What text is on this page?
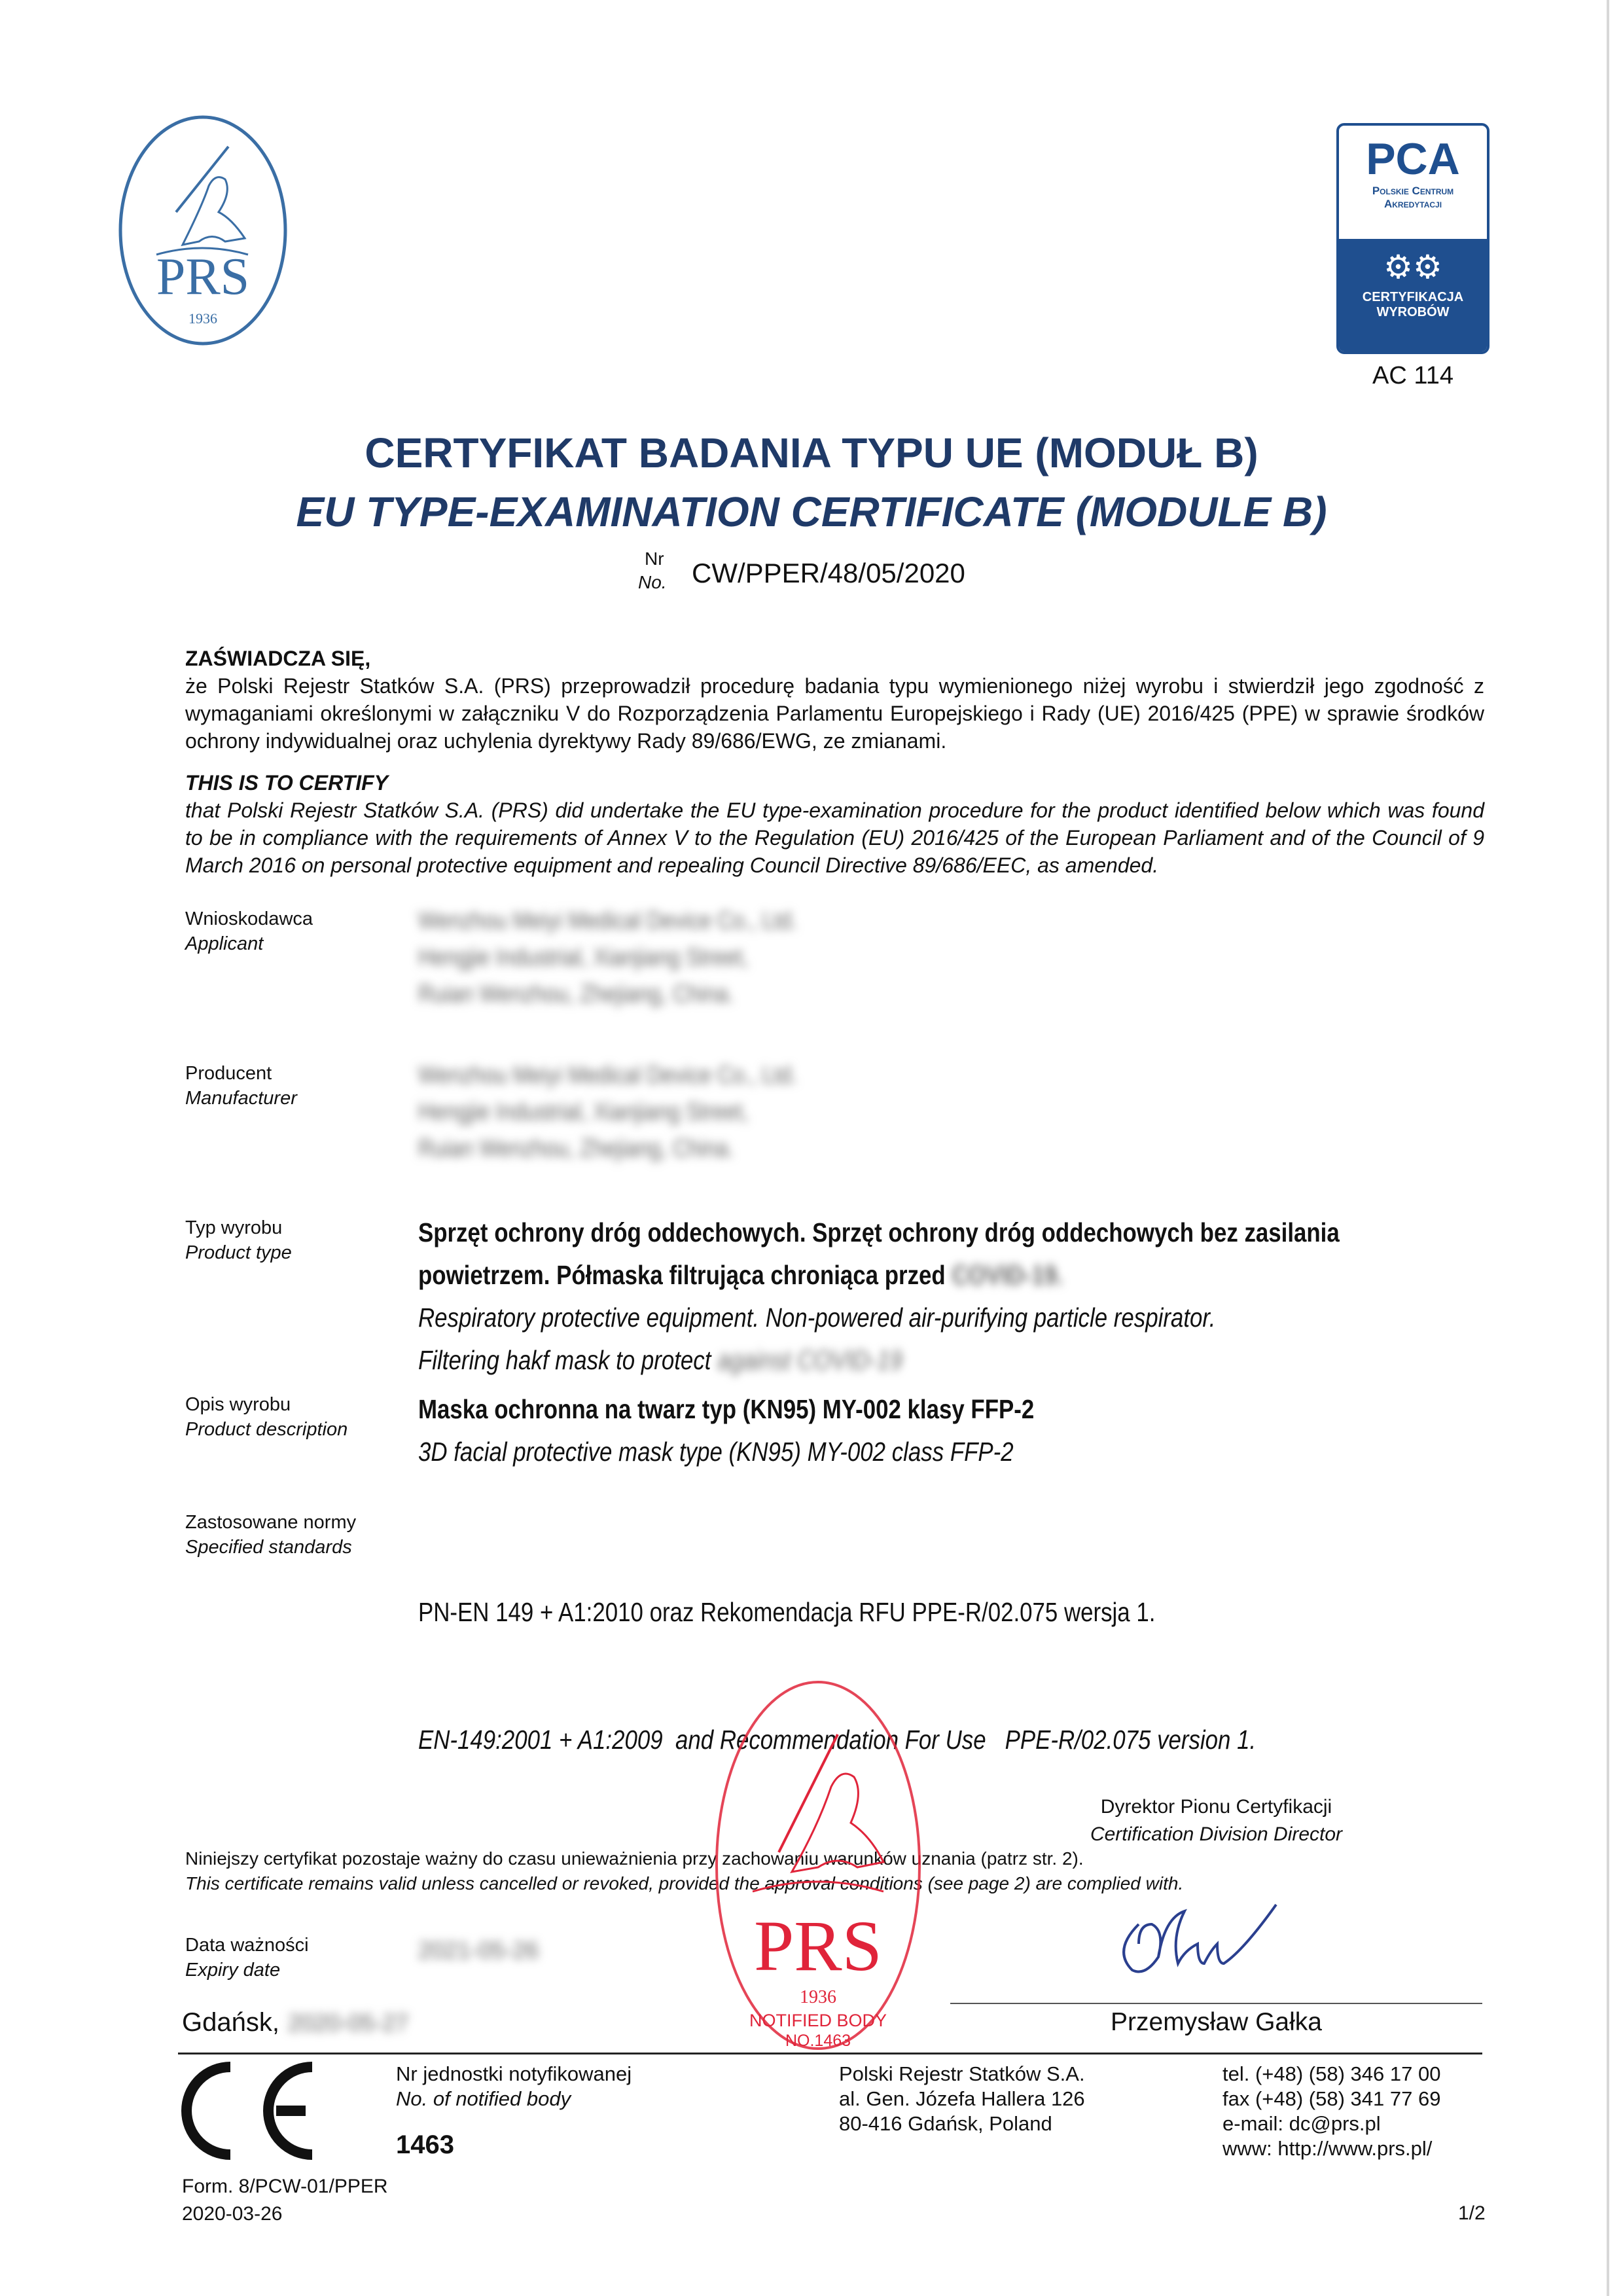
PRS
1936
PCA
Polskie Centrum
Akredytacji
⚙⚙
CERTYFIKACJA
WYROBÓW
AC 114
CERTYFIKAT BADANIA TYPU UE (MODUŁ B)
EU TYPE-EXAMINATION CERTIFICATE (MODULE B)
Nr
No. CW/PPER/48/05/2020
ZAŚWIADCZA SIĘ,
że Polski Rejestr Statków S.A. (PRS) przeprowadził procedurę badania typu wymienionego niżej wyrobu i stwierdził jego zgodność z wymaganiami określonymi w załączniku V do Rozporządzenia Parlamentu Europejskiego i Rady (UE) 2016/425 (PPE) w sprawie środków ochrony indywidualnej oraz uchylenia dyrektywy Rady 89/686/EWG, ze zmianami.
THIS IS TO CERTIFY
that Polski Rejestr Statków S.A. (PRS) did undertake the EU type-examination procedure for the product identified below which was found to be in compliance with the requirements of Annex V to the Regulation (EU) 2016/425 of the European Parliament and of the Council of 9 March 2016 on personal protective equipment and repealing Council Directive 89/686/EEC, as amended.
Wnioskodawca
Applicant
Wenzhou Meiyi Medical Device Co., Ltd.
Hengjie Industrial, Xianjiang Street,
Ruian Wenzhou, Zhejiang, China.
Producent
Manufacturer
Wenzhou Meiyi Medical Device Co., Ltd.
Hengjie Industrial, Xianjiang Street,
Ruian Wenzhou, Zhejiang, China.
Typ wyrobu
Product type
Sprzęt ochrony dróg oddechowych. Sprzęt ochrony dróg oddechowych bez zasilania
powietrzem. Półmaska filtrująca chroniąca przed COVID-19.
Respiratory protective equipment. Non-powered air-purifying particle respirator.
Filtering hakf mask to protect against COVID-19
Opis wyrobu
Product description
Maska ochronna na twarz typ (KN95) MY-002 klasy FFP-2
3D facial protective mask type (KN95) MY-002 class FFP-2
Zastosowane normy
Specified standards

PN-EN 149 + A1:2010 oraz Rekomendacja RFU PPE-R/02.075 wersja 1.

EN-149:2001 + A1:2009  and Recommendation For Use   PPE-R/02.075 version 1.

Niniejszy certyfikat pozostaje ważny do czasu unieważnienia przy zachowaniu warunków uznania (patrz str. 2).
This certificate remains valid unless cancelled or revoked, provided the approval conditions (see page 2) are complied with.
Data ważności
Expiry date
2021-05-26	PRS
1936
NOTIFIED BODY
NO.1463
Dyrektor Pionu Certyfikacji
Certification Division Director
Przemysław Gałka
Gdańsk, 2020-05-27
Nr jednostki notyfikowanej
No. of notified body
1463
Polski Rejestr Statków S.A.
al. Gen. Józefa Hallera 126
80-416 Gdańsk, Poland
tel. (+48) (58) 346 17 00
fax (+48) (58) 341 77 69
e-mail: dc@prs.pl
www: http://www.prs.pl/
Form. 8/PCW-01/PPER
2020-03-26	1/2
